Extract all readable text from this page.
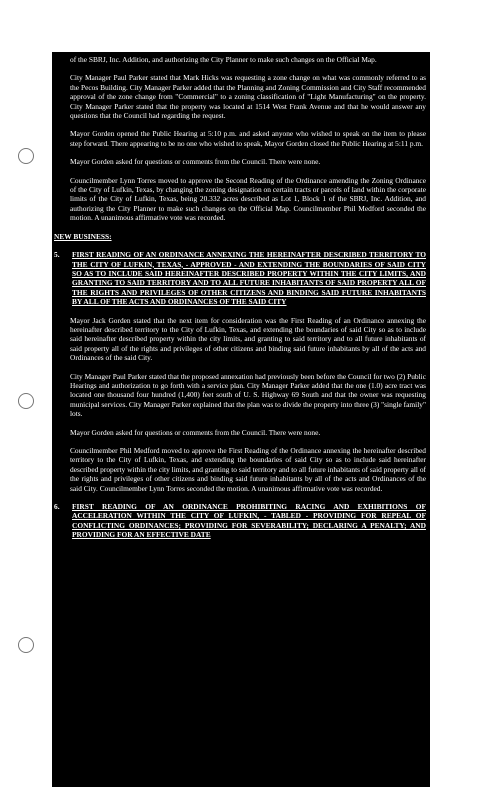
of the SBRJ, Inc. Addition, and authorizing the City Planner to make such changes on the Official Map.

City Manager Paul Parker stated that Mark Hicks was requesting a zone change on what was commonly referred to as the Pecos Building. City Manager Parker added that the Planning and Zoning Commission and City Staff recommended approval of the zone change from "Commercial" to a zoning classification of "Light Manufacturing" on the property. City Manager Parker stated that the property was located at 1514 West Frank Avenue and that he would answer any questions that the Council had regarding the request.

Mayor Gorden opened the Public Hearing at 5:10 p.m. and asked anyone who wished to speak on the item to please step forward. There appearing to be no one who wished to speak, Mayor Gorden closed the Public Hearing at 5:11 p.m.

Mayor Gorden asked for questions or comments from the Council. There were none.

Councilmember Lynn Torres moved to approve the Second Reading of the Ordinance amending the Zoning Ordinance of the City of Lufkin, Texas, by changing the zoning designation on certain tracts or parcels of land within the corporate limits of the City of Lufkin, Texas, being 20.332 acres described as Lot 1, Block 1 of the SBRJ, Inc. Addition, and authorizing the City Planner to make such changes on the Official Map. Councilmember Phil Medford seconded the motion. A unanimous affirmative vote was recorded.

NEW BUSINESS:
5.	FIRST READING OF AN ORDINANCE ANNEXING THE HEREINAFTER DESCRIBED TERRITORY TO THE CITY OF LUFKIN, TEXAS, - APPROVED - AND EXTENDING THE BOUNDARIES OF SAID CITY SO AS TO INCLUDE SAID HEREINAFTER DESCRIBED PROPERTY WITHIN THE CITY LIMITS, AND GRANTING TO SAID TERRITORY AND TO ALL FUTURE INHABITANTS OF SAID PROPERTY ALL OF THE RIGHTS AND PRIVILEGES OF OTHER CITIZENS AND BINDING SAID FUTURE INHABITANTS BY ALL OF THE ACTS AND ORDINANCES OF THE SAID CITY

Mayor Jack Gorden stated that the next item for consideration was the First Reading of an Ordinance annexing the hereinafter described territory to the City of Lufkin, Texas, and extending the boundaries of said City so as to include said hereinafter described property within the city limits, and granting to said territory and to all future inhabitants of said property all of the rights and privileges of other citizens and binding said future inhabitants by all of the acts and Ordinances of the said City.

City Manager Paul Parker stated that the proposed annexation had previously been before the Council for two (2) Public Hearings and authorization to go forth with a service plan. City Manager Parker added that the one (1.0) acre tract was located one thousand four hundred (1,400) feet south of U. S. Highway 69 South and that the owner was requesting municipal services. City Manager Parker explained that the plan was to divide the property into three (3) "single family" lots.

Mayor Gorden asked for questions or comments from the Council. There were none.

Councilmember Phil Medford moved to approve the First Reading of the Ordinance annexing the hereinafter described territory to the City of Lufkin, Texas, and extending the boundaries of said City so as to include said hereinafter described property within the city limits, and granting to said territory and to all future inhabitants of said property all of the rights and privileges of other citizens and binding said future inhabitants by all of the acts and Ordinances of the said City. Councilmember Lynn Torres seconded the motion. A unanimous affirmative vote was recorded.

6.	FIRST READING OF AN ORDINANCE PROHIBITING RACING AND EXHIBITIONS OF ACCELERATION WITHIN THE CITY OF LUFKIN, - TABLED - PROVIDING FOR REPEAL OF CONFLICTING ORDINANCES; PROVIDING FOR SEVERABILITY; DECLARING A PENALTY; AND PROVIDING FOR AN EFFECTIVE DATE
